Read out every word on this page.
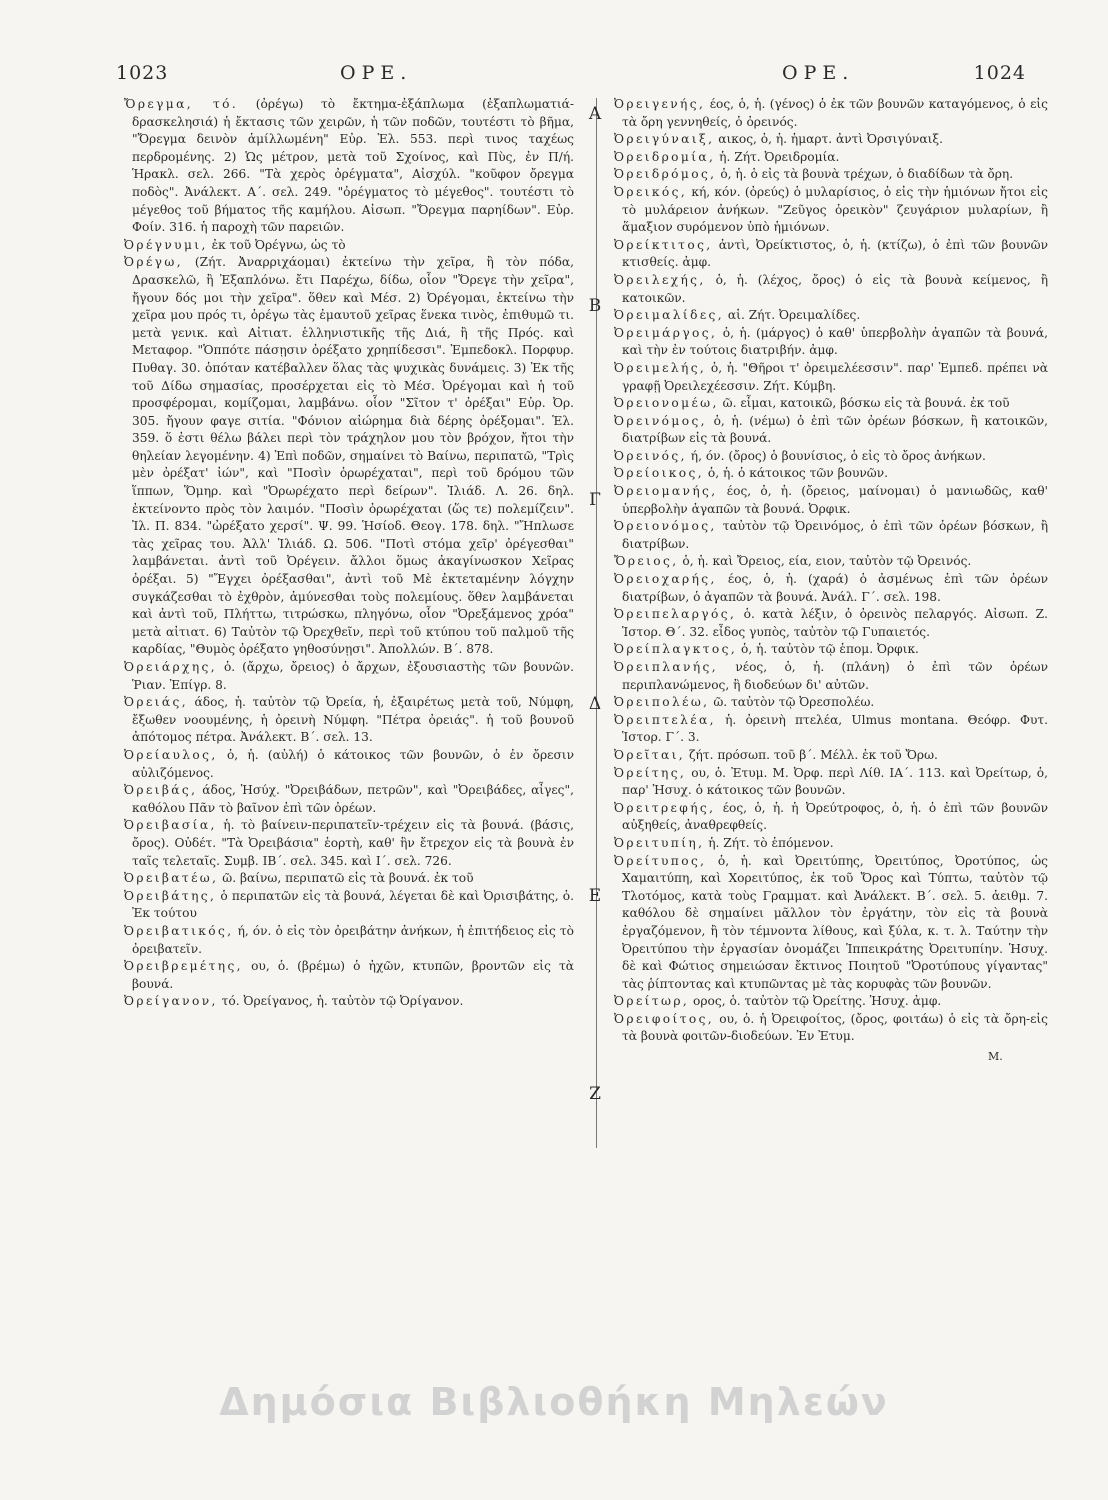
1023	ΟΡΕ.	ΟΡΕ.	1024
Α
Β
Γ
Δ
Ε
Ζ

Ὄρεγμα, τό. (ὀρέγω) τὸ ἔκτημα-ἐξάπλωμα (ἐξαπλωματιά-δρασκελησιά) ἡ ἔκτασις τῶν χειρῶν, ἡ τῶν ποδῶν, τουτέστι τὸ βῆμα, "Ὄρεγμα δεινὸν ἁμίλλωμένη" Εὐρ. Ἑλ. 553. περὶ τινος ταχέως περδρομένης. 2) Ὡς μέτρον, μετὰ τοῦ Σχοίνος, καὶ Πὺς, ἐν Π/ή. Ἡρακλ. σελ. 266. "Τὰ χερὸς ὀρέγματα", Αἰσχύλ. "κοῦφον ὄρεγμα ποδὸς". Ἀνάλεκτ. Α΄. σελ. 249. "ὀρέγματος τὸ μέγεθος". τουτέστι τὸ μέγεθος τοῦ βήματος τῆς καμήλου. Αἰσωπ. "Ὄρεγμα παρηίδων". Εὐρ. Φοίν. 316. ἡ παροχὴ τῶν παρειῶν.

Ὀρέγνυμι, ἐκ τοῦ Ὀρέγνω, ὡς τὸ

Ὀρέγω, (Ζήτ. Ἀναρριχάομαι) ἐκτείνω τὴν χεῖρα, ἢ τὸν πόδα, Δρασκελῶ, ἢ Ἐξαπλόνω. ἔτι Παρέχω, δίδω, οἷον "Ὄρεγε τὴν χεῖρα", ἤγουν δός μοι τὴν χεῖρα". ὅθεν καὶ Μέσ. 2) Ὀρέγομαι, ἐκτείνω τὴν χεῖρα μου πρός τι, ὀρέγω τὰς ἐμαυτοῦ χεῖρας ἕνεκα τινὸς, ἐπιθυμῶ τι. μετὰ γενικ. καὶ Αἰτιατ. ἑλληνιστικῆς τῆς Διά, ἢ τῆς Πρός. καὶ Μεταφορ. "Ὁππότε πάσῃσιν ὀρέξατο χρηπίδεσσι". Ἐμπεδοκλ. Πορφυρ. Πυθαγ. 30. ὁπόταν κατέβαλλεν ὅλας τὰς ψυχικὰς δυνάμεις. 3) Ἐκ τῆς τοῦ Δίδω σημασίας, προσέρχεται εἰς τὸ Μέσ. Ὀρέγομαι καὶ ἡ τοῦ προσφέρομαι, κομίζομαι, λαμβάνω. οἷον "Σῖτον τ' ὀρέξαι" Εὐρ. Ὀρ. 305. ἤγουν φαγε σιτία. "Φόνιον αἰώρημα διὰ δέρης ὀρέξομαι". Ἑλ. 359. ὅ ἐστι θέλω βάλει περὶ τὸν τράχηλον μου τὸν βρόχον, ἤτοι τὴν θηλείαν λεγομένην. 4) Ἐπὶ ποδῶν, σημαίνει τὸ Βαίνω, περιπατῶ, "Τρὶς μὲν ὀρέξατ' ἰών", καὶ "Ποσὶν ὀρωρέχαται", περὶ τοῦ δρόμου τῶν ἵππων, Ὅμηρ. καὶ "Ὀρωρέχατο περὶ δείρων". Ἰλιάδ. Λ. 26. δηλ. ἐκτείνοντο πρὸς τὸν λαιμόν. "Ποσὶν ὀρωρέχαται (ὥς τε) πολεμίζειν". Ἰλ. Π. 834. "ὠρέξατο χερσί". Ψ. 99. Ἡσίοδ. Θεογ. 178. δηλ. "Ἤπλωσε τὰς χεῖρας του. Ἀλλ' Ἰλιάδ. Ω. 506. "Ποτὶ στόμα χεῖρ' ὀρέγεσθαι" λαμβάνεται. ἀντὶ τοῦ Ὀρέγειν. ἄλλοι ὅμως ἀκαγίνωσκον Χεῖρας ὀρέξαι. 5) "Ἔγχει ὀρέξασθαι", ἀντὶ τοῦ Μὲ ἐκτεταμένην λόγχην συγκάζεσθαι τὸ ἐχθρὸν, ἀμύνεσθαι τοὺς πολεμίους. ὅθεν λαμβάνεται καὶ ἀντὶ τοῦ, Πλήττω, τιτρώσκω, πληγόνω, οἷον "Ὀρεξάμενος χρόα" μετὰ αἰτιατ. 6) Ταὐτὸν τῷ Ὀρεχθεῖν, περὶ τοῦ κτύπου τοῦ παλμοῦ τῆς καρδίας, "Θυμὸς ὀρέξατο γηθοσύνῃσι". Ἀπολλών. Β΄. 878.

Ὀρειάρχης, ὁ. (ἄρχω, ὄρειος) ὁ ἄρχων, ἐξουσιαστὴς τῶν βουνῶν. Ῥιαν. Ἐπίγρ. 8.

Ὀρειάς, άδος, ἡ. ταὐτὸν τῷ Ὀρεία, ἡ, ἐξαιρέτως μετὰ τοῦ, Νύμφη, ἔξωθεν νοουμένης, ἡ ὀρεινὴ Νύμφη. "Πέτρα ὀρειάς". ἡ τοῦ βουνοῦ ἀπότομος πέτρα. Ἀνάλεκτ. Β΄. σελ. 13.

Ὀρείαυλος, ὁ, ἡ. (αὐλή) ὁ κάτοικος τῶν βουνῶν, ὁ ἐν ὄρεσιν αὐλιζόμενος.

Ὀρειβάς, άδος, Ἡσύχ. "Ὀρειβάδων, πετρῶν", καὶ "Ὀρειβάδες, αἶγες", καθόλου Πᾶν τὸ βαῖνον ἐπὶ τῶν ὀρέων.

Ὀρειβασία, ἡ. τὸ βαίνειν-περιπατεῖν-τρέχειν εἰς τὰ βουνά. (βάσις, ὄρος). Οὐδέτ. "Τὰ Ὀρειβάσια" ἑορτὴ, καθ' ἣν ἔτρεχον εἰς τὰ βουνὰ ἐν ταῖς τελεταῖς. Συμβ. ΙΒ΄. σελ. 345. καὶ Ι΄. σελ. 726.

Ὀρειβατέω, ῶ. βαίνω, περιπατῶ εἰς τὰ βουνά. ἐκ τοῦ

Ὀρειβάτης, ὁ περιπατῶν εἰς τὰ βουνά, λέγεται δὲ καὶ Ὀρισιβάτης, ὁ. Ἐκ τούτου

Ὀρειβατικός, ή, όν. ὁ εἰς τὸν ὀρειβάτην ἀνήκων, ἡ ἐπιτήδειος εἰς τὸ ὀρειβατεῖν.

Ὀρειβρεμέτης, ου, ὁ. (βρέμω) ὁ ἠχῶν, κτυπῶν, βροντῶν εἰς τὰ βουνά.

Ὀρείγανον, τό. Ὀρείγανος, ἡ. ταὐτὸν τῷ Ὀρίγανον.

Ὀρειγενής, έος, ὁ, ἡ. (γένος) ὁ ἐκ τῶν βουνῶν καταγόμενος, ὁ εἰς τὰ ὄρη γεννηθείς, ὁ ὀρεινός.

Ὀρειγύναιξ, αικος, ὁ, ἡ. ἡμαρτ. ἀντὶ Ὀρσιγύναιξ.

Ὀρειδρομία, ἡ. Ζήτ. Ὀρειδρομία.

Ὀρειδρόμος, ὁ, ἡ. ὁ εἰς τὰ βουνὰ τρέχων, ὁ διαδίδων τὰ ὄρη.

Ὀρεικός, κή, κόν. (ὀρεύς) ὁ μυλαρίσιος, ὁ εἰς τὴν ἡμιόνων ἤτοι εἰς τὸ μυλάρειον ἀνήκων. "Ζεῦγος ὀρεικὸν" ζευγάριον μυλαρίων, ἢ ἅμαξιον συρόμενον ὑπὸ ἡμιόνων.

Ὀρείκτιτος, ἀντὶ, Ὀρείκτιστος, ὁ, ἡ. (κτίζω), ὁ ἐπὶ τῶν βουνῶν κτισθείς. ἀμφ.

Ὀρειλεχής, ὁ, ἡ. (λέχος, ὄρος) ὁ εἰς τὰ βουνὰ κείμενος, ἢ κατοικῶν.

Ὀρειμαλίδες, αἱ. Ζήτ. Ὀρειμαλίδες.

Ὀρειμάργος, ὁ, ἡ. (μάργος) ὁ καθ' ὑπερβολὴν ἀγαπῶν τὰ βουνά, καὶ τὴν ἐν τούτοις διατριβήν. ἀμφ.

Ὀρειμελής, ὁ, ἡ. "Θῆροι τ' ὀρειμελέεσσιν". παρ' Ἐμπεδ. πρέπει νὰ γραφῇ Ὀρειλεχέεσσιν. Ζήτ. Κύμβη.

Ὀρειονομέω, ῶ. εἶμαι, κατοικῶ, βόσκω εἰς τὰ βουνά. ἐκ τοῦ

Ὀρεινόμος, ὁ, ἡ. (νέμω) ὁ ἐπὶ τῶν ὀρέων βόσκων, ἢ κατοικῶν, διατρίβων εἰς τὰ βουνά.

Ὀρεινός, ή, όν. (ὄρος) ὁ βουνίσιος, ὁ εἰς τὸ ὄρος ἀνήκων.

Ὀρείοικος, ὁ, ἡ. ὁ κάτοικος τῶν βουνῶν.

Ὀρειομανής, έος, ὁ, ἡ. (ὄρειος, μαίνομαι) ὁ μανιωδῶς, καθ' ὑπερβολὴν ἀγαπῶν τὰ βουνά. Ὀρφικ.

Ὀρειονόμος, ταὐτὸν τῷ Ὀρεινόμος, ὁ ἐπὶ τῶν ὀρέων βόσκων, ἢ διατρίβων.

Ὄρειος, ὁ, ἡ. καὶ Ὄρειος, εία, ειον, ταὐτὸν τῷ Ὀρεινός.

Ὀρειοχαρής, έος, ὁ, ἡ. (χαρά) ὁ ἀσμένως ἐπὶ τῶν ὀρέων διατρίβων, ὁ ἀγαπῶν τὰ βουνά. Ἀνάλ. Γ΄. σελ. 198.

Ὀρειπελαργός, ὁ. κατὰ λέξιν, ὁ ὀρεινὸς πελαργός. Αἰσωπ. Ζ. Ἱστορ. Θ΄. 32. εἶδος γυπὸς, ταὐτὸν τῷ Γυπαιετός.

Ὀρείπλαγκτος, ὁ, ἡ. ταὐτὸν τῷ ἑπομ. Ὀρφικ.

Ὀρειπλανής, νέος, ὁ, ἡ. (πλάνη) ὁ ἐπὶ τῶν ὀρέων περιπλανώμενος, ἢ διοδεύων δι' αὐτῶν.

Ὀρειπολέω, ῶ. ταὐτὸν τῷ Ὀρεσπολέω.

Ὀρειπτελέα, ἡ. ὀρεινὴ πτελέα, Ulmus montana. Θεόφρ. Φυτ. Ἱστορ. Γ΄. 3.

Ὀρεῖται, ζήτ. πρόσωπ. τοῦ β΄. Μέλλ. ἐκ τοῦ Ὄρω.

Ὀρείτης, ου, ὁ. Ἐτυμ. Μ. Ὀρφ. περὶ Λίθ. ΙΑ΄. 113. καὶ Ὀρείτωρ, ὁ, παρ' Ἡσυχ. ὁ κάτοικος τῶν βουνῶν.

Ὀρειτρεφής, έος, ὁ, ἡ. ἡ Ὀρεύτροφος, ὁ, ἡ. ὁ ἐπὶ τῶν βουνῶν αὐξηθείς, ἀναθρεφθείς.

Ὀρειτυπίη, ἡ. Ζήτ. τὸ ἑπόμενον.

Ὀρείτυπος, ὁ, ἡ. καὶ Ὀρειτύπης, Ὀρειτύπος, Ὀροτύπος, ὡς Χαμαιτύπη, καὶ Χορειτύπος, ἐκ τοῦ Ὄρος καὶ Τύπτω, ταὐτὸν τῷ Τλοτόμος, κατὰ τοὺς Γραμματ. καὶ Ἀνάλεκτ. Β΄. σελ. 5. ἀειθμ. 7. καθόλου δὲ σημαίνει μᾶλλον τὸν ἐργάτην, τὸν εἰς τὰ βουνὰ ἐργαζόμενον, ἢ τὸν τέμνοντα λίθους, καὶ ξύλα, κ. τ. λ. Ταύτην τὴν Ὀρειτύπου τὴν ἐργασίαν ὀνομάζει Ἱππεικράτης Ὀρειτυπίην. Ἡσυχ. δὲ καὶ Φώτιος σημειώσαν ἔκτινος Ποιητοῦ "Ὀροτύπους γίγαντας" τὰς ῥίπτοντας καὶ κτυπῶντας μὲ τὰς κορυφὰς τῶν βουνῶν.

Ὀρείτωρ, ορος, ὁ. ταὐτὸν τῷ Ὀρείτης. Ἡσυχ. ἀμφ.

Ὀρειφοίτος, ου, ὁ. ἡ Ὀρειφοίτος, (ὄρος, φοιτάω) ὁ εἰς τὰ ὄρη-εἰς τὰ βουνὰ φοιτῶν-διοδεύων. Ἐν Ἐτυμ.

Μ.
Δημόσια Βιβλιοθήκη Μηλεών
